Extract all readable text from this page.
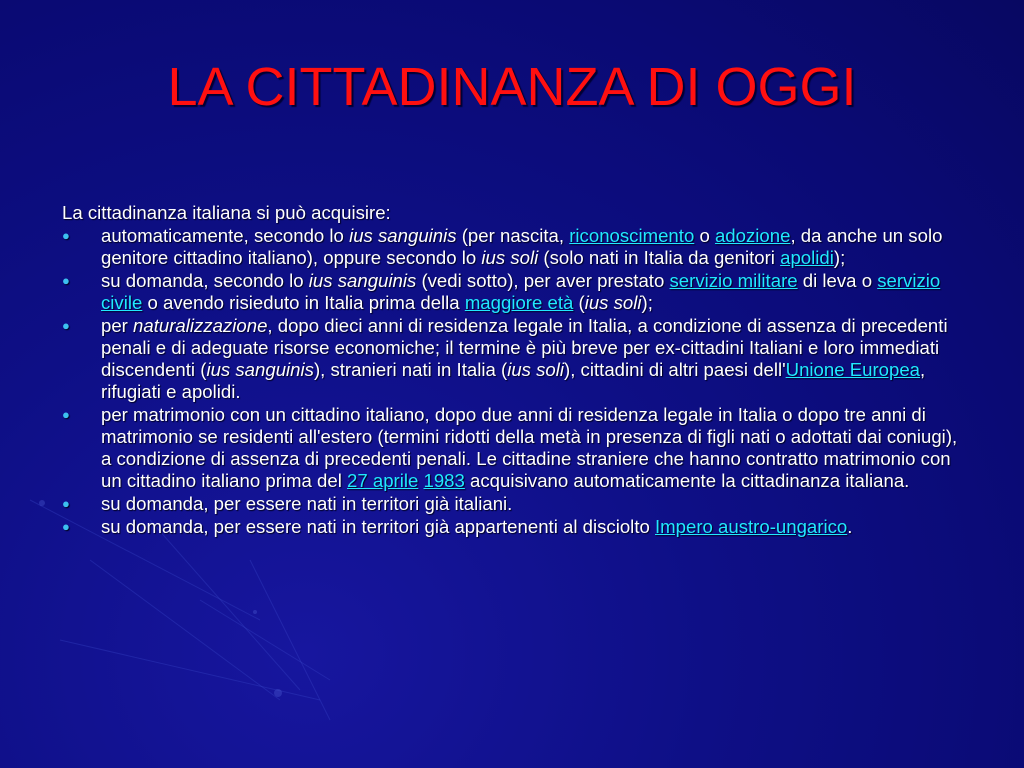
LA CITTADINANZA DI OGGI

La cittadinanza italiana si può acquisire:

● automaticamente, secondo lo ius sanguinis (per nascita, riconoscimento o adozione, da anche un solo genitore cittadino italiano), oppure secondo lo ius soli (solo nati in Italia da genitori apolidi);
● su domanda, secondo lo ius sanguinis (vedi sotto), per aver prestato servizio militare di leva o servizio civile o avendo risieduto in Italia prima della maggiore età (ius soli);
● per naturalizzazione, dopo dieci anni di residenza legale in Italia, a condizione di assenza di precedenti penali e di adeguate risorse economiche; il termine è più breve per ex-cittadini Italiani e loro immediati discendenti (ius sanguinis), stranieri nati in Italia (ius soli), cittadini di altri paesi dell'Unione Europea, rifugiati e apolidi.
● per matrimonio con un cittadino italiano, dopo due anni di residenza legale in Italia o dopo tre anni di matrimonio se residenti all'estero (termini ridotti della metà in presenza di figli nati o adottati dai coniugi), a condizione di assenza di precedenti penali. Le cittadine straniere che hanno contratto matrimonio con un cittadino italiano prima del 27 aprile 1983 acquisivano automaticamente la cittadinanza italiana.
● su domanda, per essere nati in territori già italiani.
● su domanda, per essere nati in territori già appartenenti al disciolto Impero austro-ungarico.
